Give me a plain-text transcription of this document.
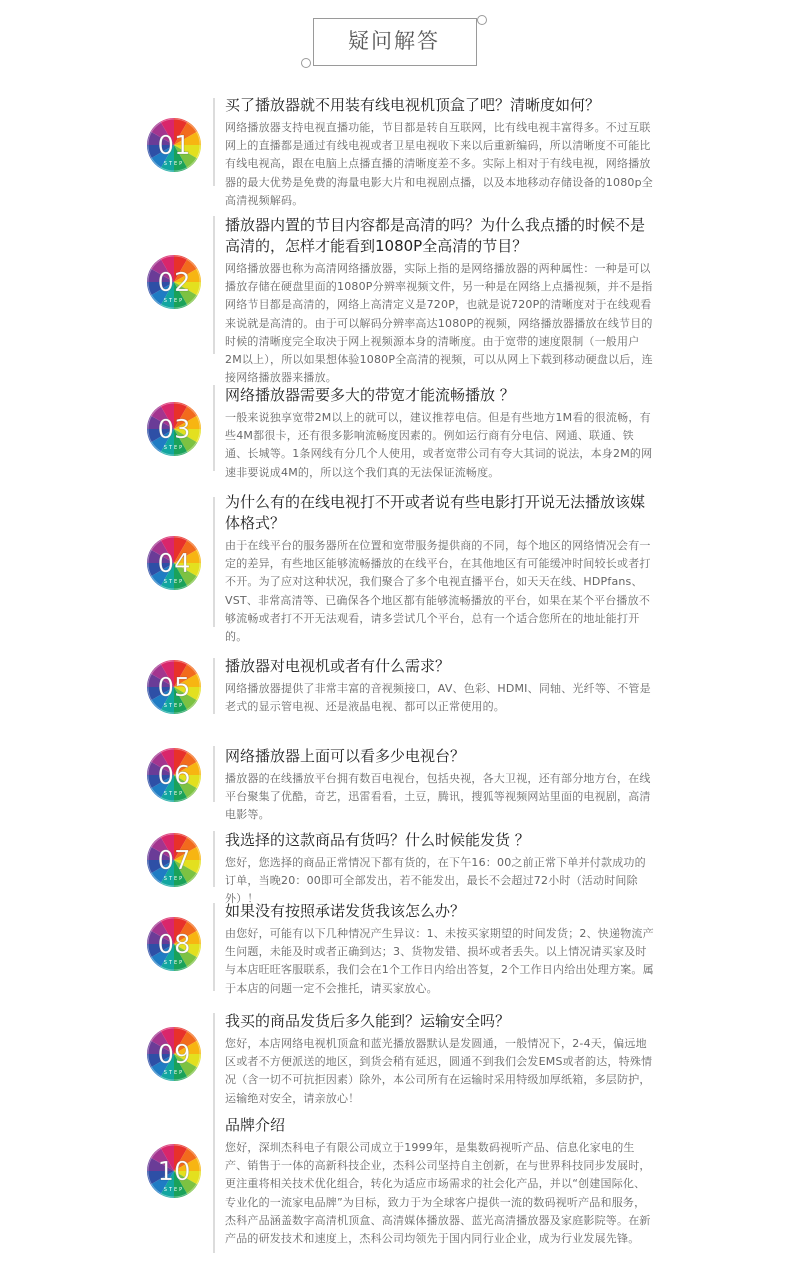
疑问解答
01
STEP
买了播放器就不用装有线电视机顶盒了吧？清晰度如何？

网络播放器支持电视直播功能，节目都是转自互联网，比有线电视丰富得多。不过互联网上的直播都是通过有线电视或者卫星电视收下来以后重新编码，所以清晰度不可能比有线电视高，跟在电脑上点播直播的清晰度差不多。实际上相对于有线电视，网络播放器的最大优势是免费的海量电影大片和电视剧点播，以及本地移动存储设备的1080p全高清视频解码。

02
STEP
播放器内置的节目内容都是高清的吗？为什么我点播的时候不是高清的，怎样才能看到1080P全高清的节目？

网络播放器也称为高清网络播放器，实际上指的是网络播放器的两种属性：一种是可以播放存储在硬盘里面的1080P分辨率视频文件，另一种是在网络上点播视频，并不是指网络节目都是高清的，网络上高清定义是720P，也就是说720P的清晰度对于在线观看来说就是高清的。由于可以解码分辨率高达1080P的视频，网络播放器播放在线节目的时候的清晰度完全取决于网上视频源本身的清晰度。由于宽带的速度限制（一般用户2M以上），所以如果想体验1080P全高清的视频，可以从网上下载到移动硬盘以后，连接网络播放器来播放。

03
STEP
网络播放器需要多大的带宽才能流畅播放 ？

一般来说独享宽带2M以上的就可以，建议推荐电信。但是有些地方1M看的很流畅，有些4M都很卡，还有很多影响流畅度因素的。例如运行商有分电信、网通、联通、铁通、长城等。1条网线有分几个人使用，或者宽带公司有夸大其词的说法，本身2M的网速非要说成4M的，所以这个我们真的无法保证流畅度。

04
STEP
为什么有的在线电视打不开或者说有些电影打开说无法播放该媒体格式？

由于在线平台的服务器所在位置和宽带服务提供商的不同，每个地区的网络情况会有一定的差异，有些地区能够流畅播放的在线平台，在其他地区有可能缓冲时间较长或者打不开。为了应对这种状况，我们聚合了多个电视直播平台，如天天在线、HDPfans、VST、非常高清等、已确保各个地区都有能够流畅播放的平台，如果在某个平台播放不够流畅或者打不开无法观看，请多尝试几个平台，总有一个适合您所在的地址能打开的。

05
STEP
播放器对电视机或者有什么需求？

网络播放器提供了非常丰富的音视频接口，AV、色彩、HDMI、同轴、光纤等、不管是老式的显示管电视、还是液晶电视、都可以正常使用的。

06
STEP
网络播放器上面可以看多少电视台？

播放器的在线播放平台拥有数百电视台，包括央视，各大卫视，还有部分地方台，在线平台聚集了优酷，奇艺，迅雷看看，土豆，腾讯，搜狐等视频网站里面的电视剧，高清电影等。

07
STEP
我选择的这款商品有货吗？什么时候能发货 ？

您好，您选择的商品正常情况下都有货的，在下午16：00之前正常下单并付款成功的订单，当晚20：00即可全部发出，若不能发出，最长不会超过72小时（活动时间除外）！

08
STEP
如果没有按照承诺发货我该怎么办？

由您好，可能有以下几种情况产生异议：1、未按买家期望的时间发货；2、快递物流产生问题，未能及时或者正确到达；3、货物发错、损坏或者丢失。以上情况请买家及时与本店旺旺客服联系，我们会在1个工作日内给出答复，2个工作日内给出处理方案。属于本店的问题一定不会推托，请买家放心。

09
STEP
我买的商品发货后多久能到？运输安全吗？

您好，本店网络电视机顶盒和蓝光播放器默认是发圆通，一般情况下，2-4天，偏远地区或者不方便派送的地区，到货会稍有延迟，圆通不到我们会发EMS或者韵达，特殊情况（含一切不可抗拒因素）除外，本公司所有在运输时采用特级加厚纸箱，多层防护，运输绝对安全，请亲放心！

10
STEP
品牌介绍

您好，深圳杰科电子有限公司成立于1999年，是集数码视听产品、信息化家电的生产、销售于一体的高新科技企业，杰科公司坚持自主创新，在与世界科技同步发展时，更注重将相关技术优化组合，转化为适应市场需求的社会化产品，并以“创建国际化、专业化的一流家电品牌”为目标，致力于为全球客户提供一流的数码视听产品和服务，杰科产品涵盖数字高清机顶盒、高清媒体播放器、蓝光高清播放器及家庭影院等。在新产品的研发技术和速度上，杰科公司均领先于国内同行业企业，成为行业发展先锋。
